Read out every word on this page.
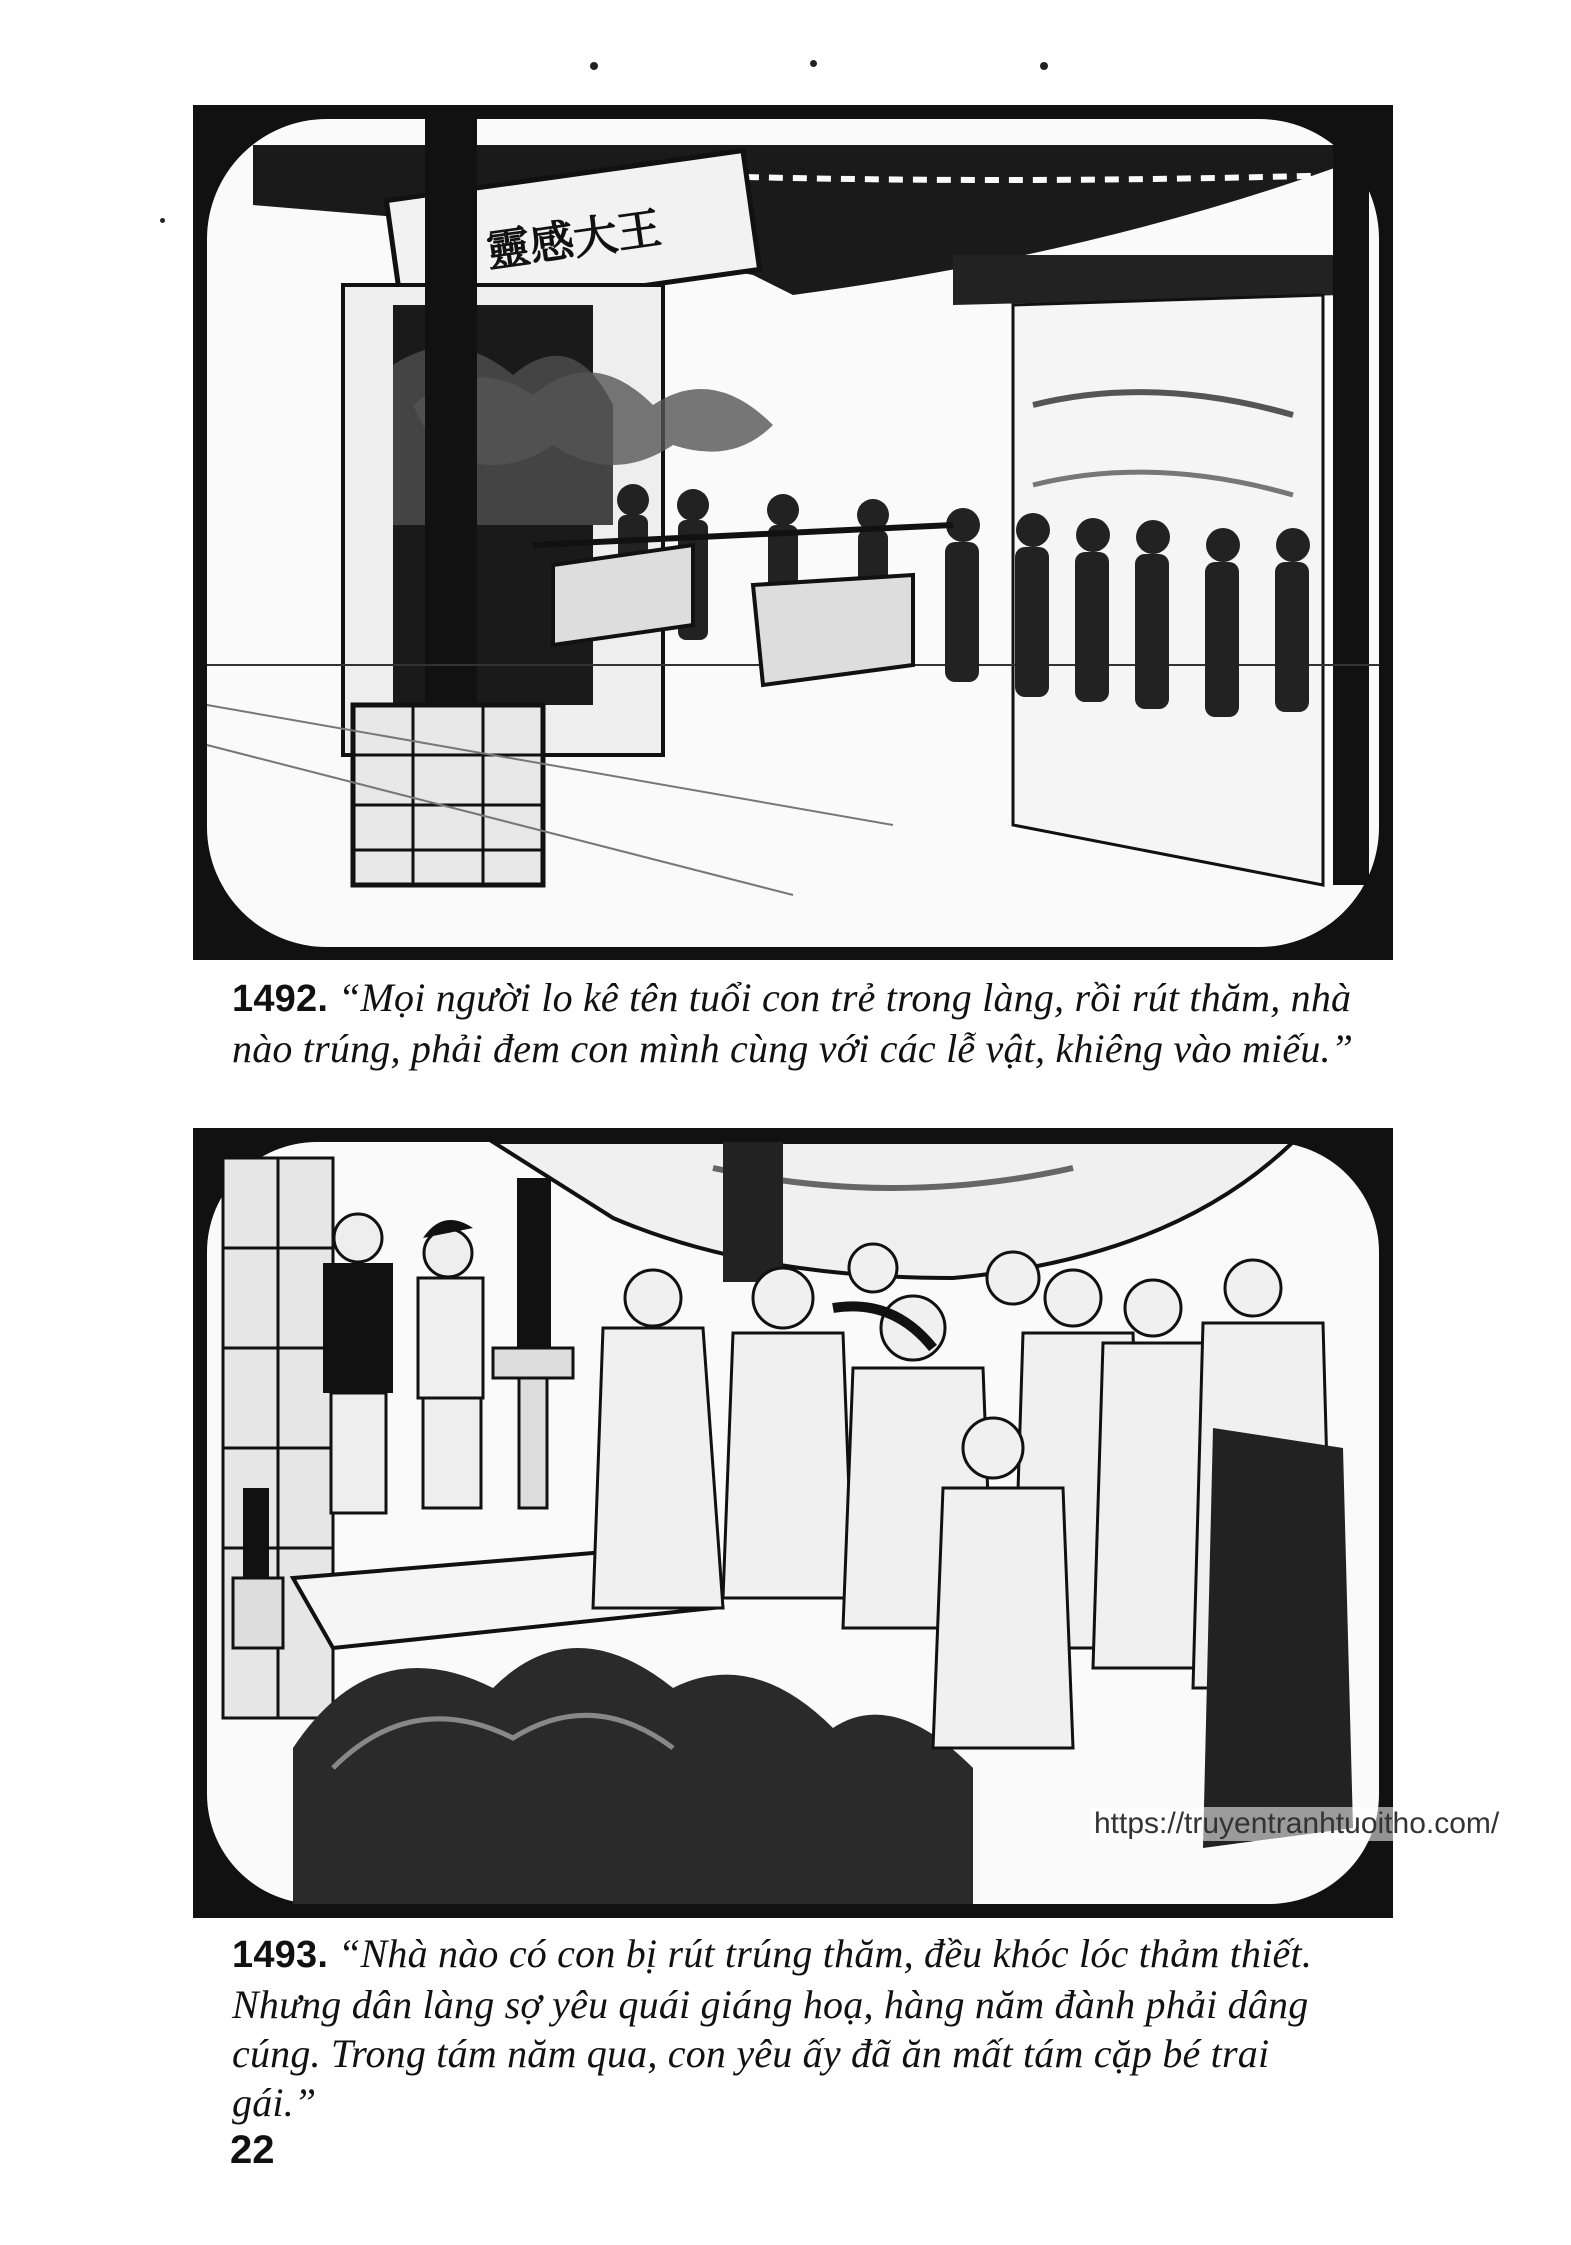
靈感大王
1492. “Mọi người lo kê tên tuổi con trẻ trong làng, rồi rút thăm, nhà nào trúng, phải đem con mình cùng với các lễ vật, khiêng vào miếu.”
https://truyentranhtuoitho.com/
1493. “Nhà nào có con bị rút trúng thăm, đều khóc lóc thảm thiết. Nhưng dân làng sợ yêu quái giáng hoạ, hàng năm đành phải dâng cúng. Trong tám năm qua, con yêu ấy đã ăn mất tám cặp bé trai gái.”
22
